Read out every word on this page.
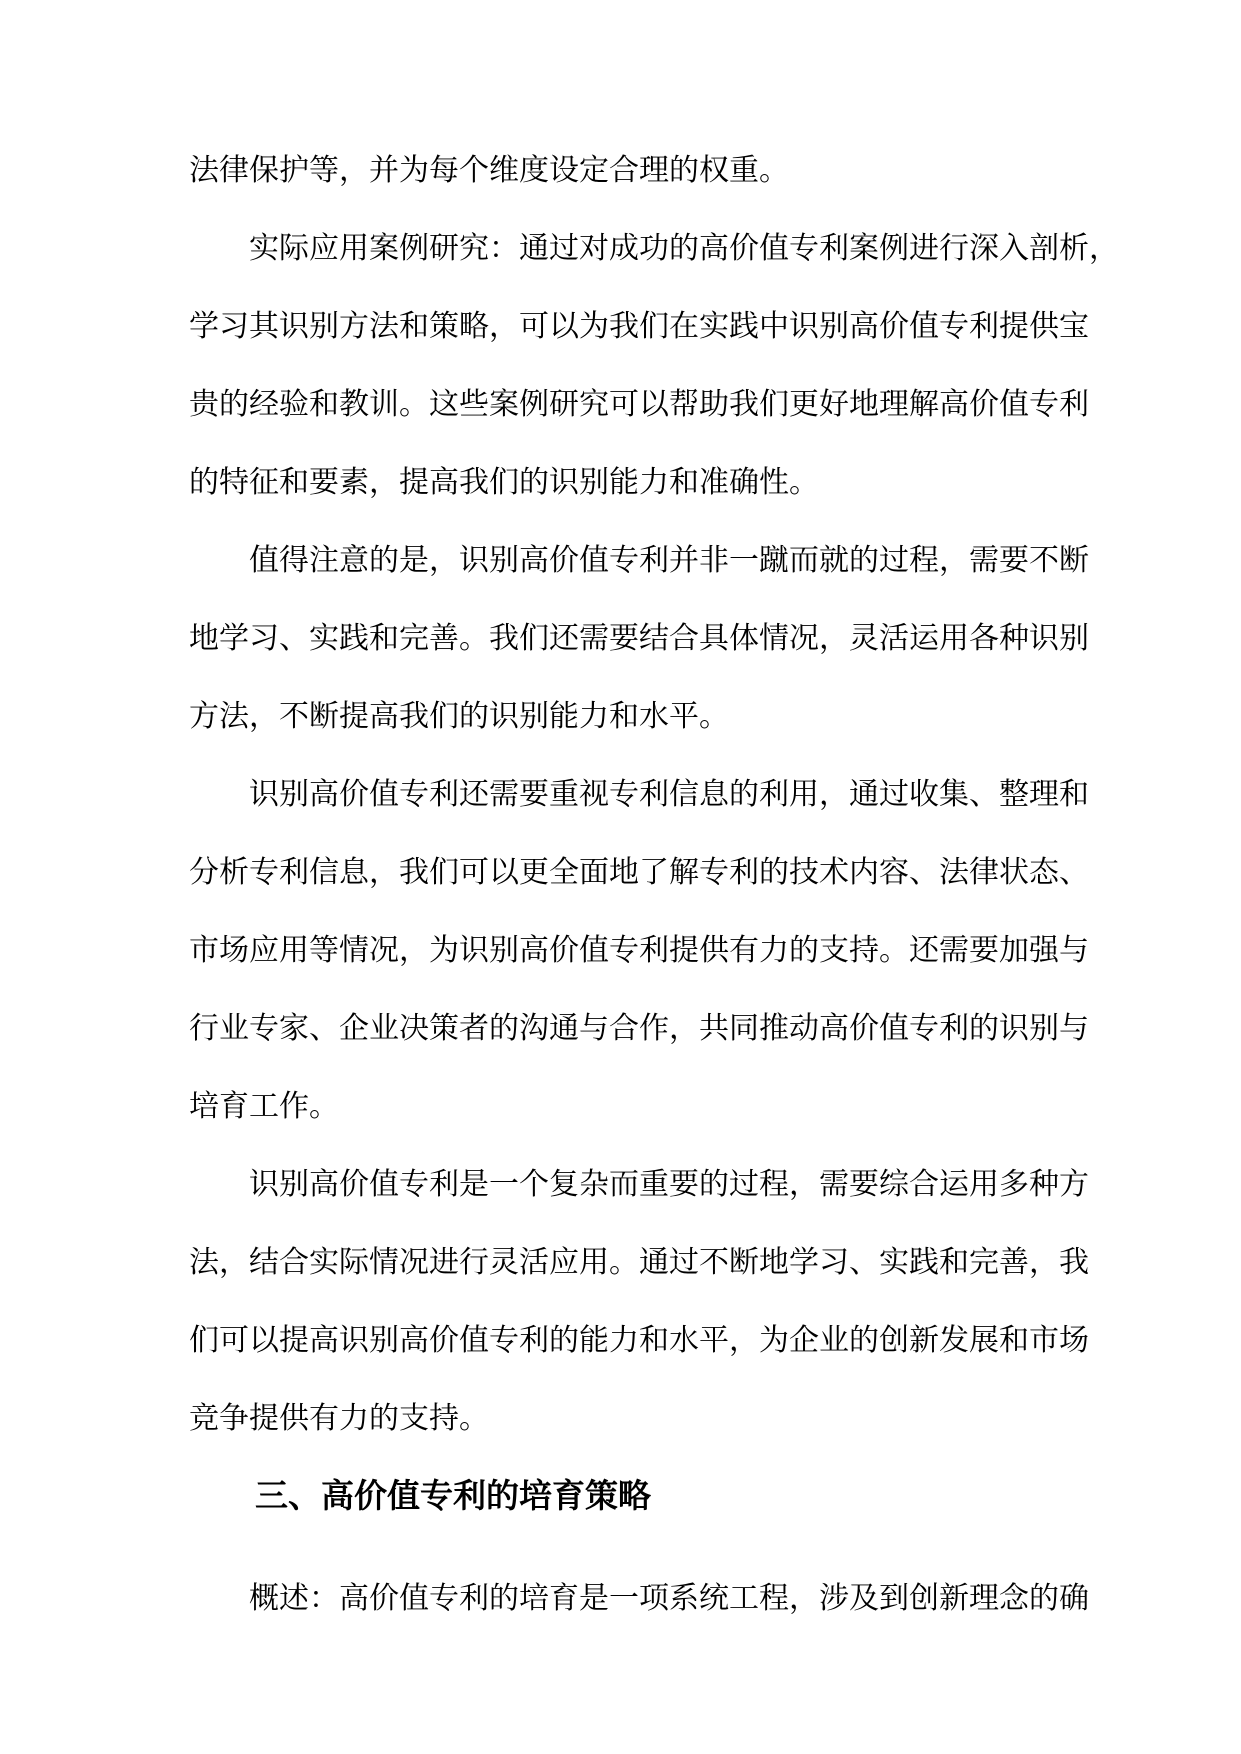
法律保护等，并为每个维度设定合理的权重。
实际应用案例研究：通过对成功的高价值专利案例进行深入剖析，
学习其识别方法和策略，可以为我们在实践中识别高价值专利提供宝
贵的经验和教训。这些案例研究可以帮助我们更好地理解高价值专利
的特征和要素，提高我们的识别能力和准确性。
值得注意的是，识别高价值专利并非一蹴而就的过程，需要不断
地学习、实践和完善。我们还需要结合具体情况，灵活运用各种识别
方法，不断提高我们的识别能力和水平。
识别高价值专利还需要重视专利信息的利用，通过收集、整理和
分析专利信息，我们可以更全面地了解专利的技术内容、法律状态、
市场应用等情况，为识别高价值专利提供有力的支持。还需要加强与
行业专家、企业决策者的沟通与合作，共同推动高价值专利的识别与
培育工作。
识别高价值专利是一个复杂而重要的过程，需要综合运用多种方
法，结合实际情况进行灵活应用。通过不断地学习、实践和完善，我
们可以提高识别高价值专利的能力和水平，为企业的创新发展和市场
竞争提供有力的支持。
三、高价值专利的培育策略
概述：高价值专利的培育是一项系统工程，涉及到创新理念的确
